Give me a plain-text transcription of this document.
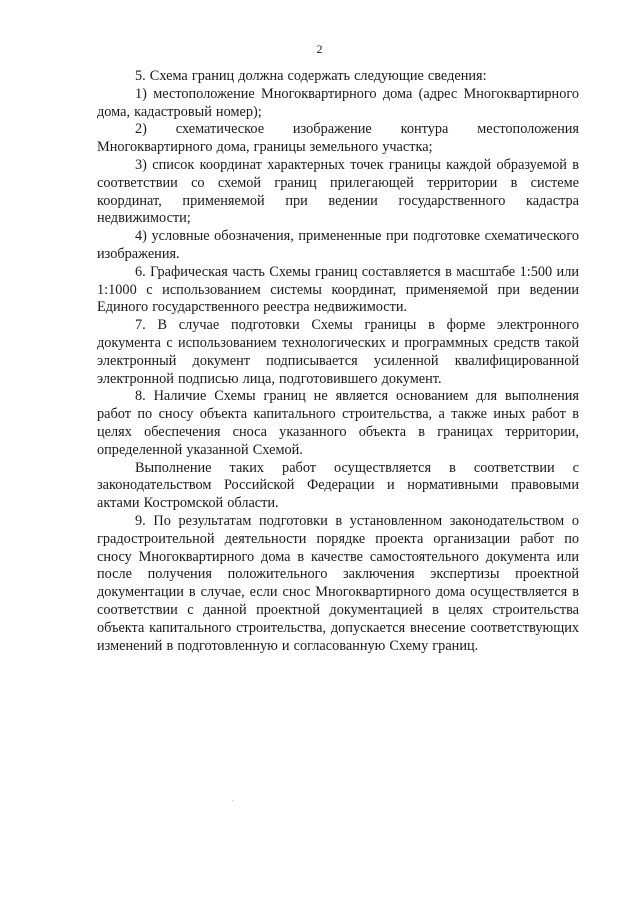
2

5. Схема границ должна содержать следующие сведения:

1) местоположение Многоквартирного дома (адрес Многоквартирного дома, кадастровый номер);

2) схематическое изображение контура местоположения Многоквартирного дома, границы земельного участка;

3) список координат характерных точек границы каждой образуемой в соответствии со схемой границ прилегающей территории в системе координат, применяемой при ведении государственного кадастра недвижимости;

4) условные обозначения, примененные при подготовке схематического изображения.

6. Графическая часть Схемы границ составляется в масштабе 1:500 или 1:1000 с использованием системы координат, применяемой при ведении Единого государственного реестра недвижимости.

7. В случае подготовки Схемы границы в форме электронного документа с использованием технологических и программных средств такой электронный документ подписывается усиленной квалифицированной электронной подписью лица, подготовившего документ.

8. Наличие Схемы границ не является основанием для выполнения работ по сносу объекта капитального строительства, а также иных работ в целях обеспечения сноса указанного объекта в границах территории, определенной указанной Схемой.

Выполнение таких работ осуществляется в соответствии с законодательством Российской Федерации и нормативными правовыми актами Костромской области.

9. По результатам подготовки в установленном законодательством о градостроительной деятельности порядке проекта организации работ по сносу Многоквартирного дома в качестве самостоятельного документа или после получения положительного заключения экспертизы проектной документации в случае, если снос Многоквартирного дома осуществляется в соответствии с данной проектной документацией в целях строительства объекта капитального строительства, допускается внесение соответствующих изменений в подготовленную и согласованную Схему границ.
